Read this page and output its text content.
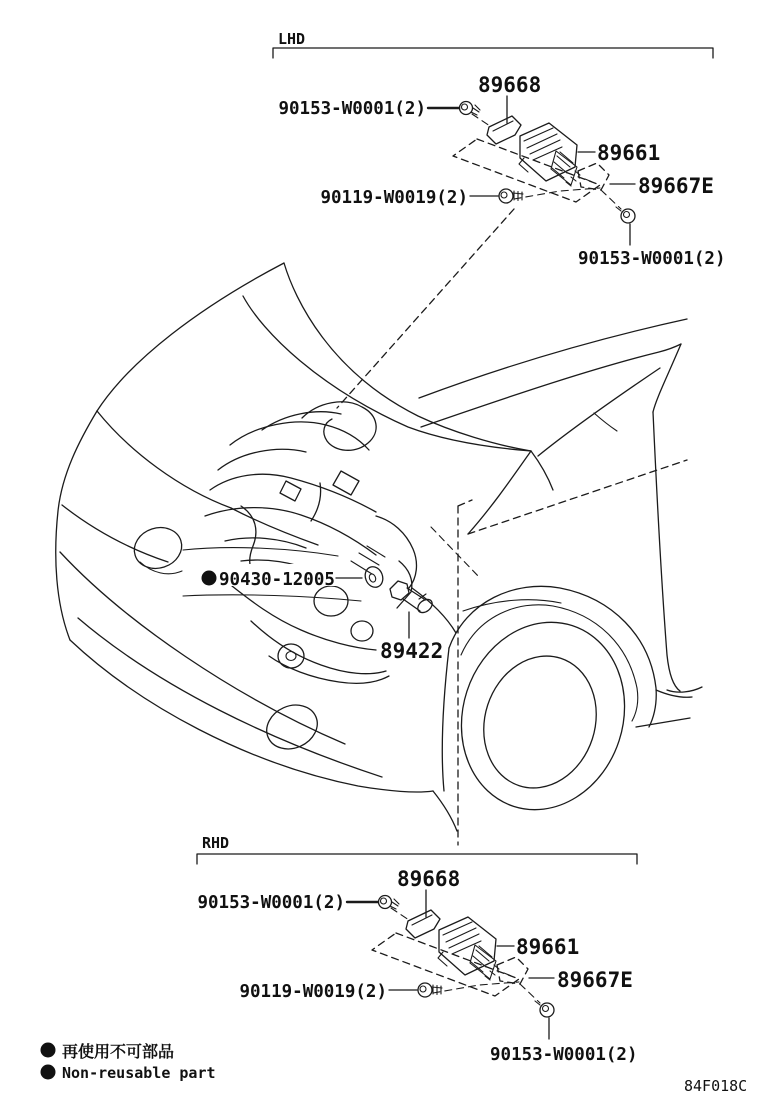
LHD
90153-W0001(2)
89668
89661
89667E
90119-W0019(2)
90153-W0001(2)
90430-12005
89422
RHD
90153-W0001(2)
89668
89661
89667E
90119-W0019(2)
90153-W0001(2)
再使用不可部品
Non-reusable part
84F018C
